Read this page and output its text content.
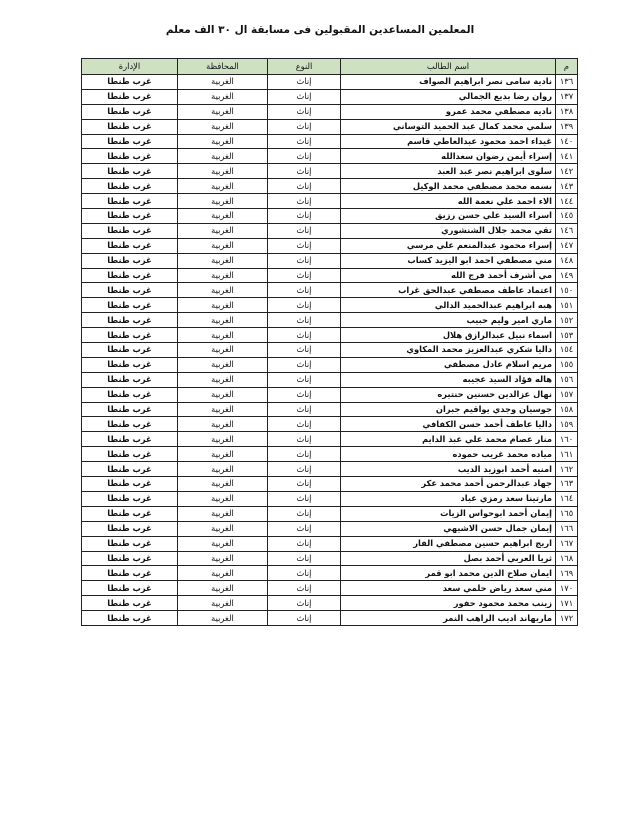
المعلمين المساعدين المقبولين فى مسابقة ال ٣٠ الف معلم
م	اسم الطالب	النوع	المحافظة	الإدارة
١٣٦	نادية سامى نصر ابراهيم الصواف	إناث	الغربية	غرب طنطا
١٣٧	روان رضا بديع الجمالي	إناث	الغربية	غرب طنطا
١٣٨	ناديه مصطفي محمد عمرو	إناث	الغربية	غرب طنطا
١٣٩	سلمي محمد كمال عبد الحميد التوساني	إناث	الغربية	غرب طنطا
١٤٠	غيداء احمد محمود عبدالعاطي قاسم	إناث	الغربية	غرب طنطا
١٤١	إسراء أيمن رضوان سعدالله	إناث	الغربية	غرب طنطا
١٤٢	سلوى ابراهيم نصر عبد العبد	إناث	الغربية	غرب طنطا
١٤٣	بسمه محمد مصطفي محمد الوكيل	إناث	الغربية	غرب طنطا
١٤٤	الاء احمد علي نعمة الله	إناث	الغربية	غرب طنطا
١٤٥	اسراء السيد علي حسن رزيق	إناث	الغربية	غرب طنطا
١٤٦	تقي محمد جلال الشنشوري	إناث	الغربية	غرب طنطا
١٤٧	إسراء محمود عبدالمنعم علي مرسي	إناث	الغربية	غرب طنطا
١٤٨	مني مصطفي احمد ابو اليزيد كساب	إناث	الغربية	غرب طنطا
١٤٩	مي أشرف أحمد فرج الله	إناث	الغربية	غرب طنطا
١٥٠	اعتماد عاطف مصطفي عبدالحق غراب	إناث	الغربية	غرب طنطا
١٥١	هبه ابراهيم عبدالحميد الدالي	إناث	الغربية	غرب طنطا
١٥٢	ماري امير وليم حبيب	إناث	الغربية	غرب طنطا
١٥٣	اسماء نبيل عبدالرازق هلال	إناث	الغربية	غرب طنطا
١٥٤	داليا شكري عبدالعزيز محمد المكاوي	إناث	الغربية	غرب طنطا
١٥٥	مريم اسلام عادل مصطفي	إناث	الغربية	غرب طنطا
١٥٦	هاله فؤاد السيد عجيبه	إناث	الغربية	غرب طنطا
١٥٧	نهال عزالدين حسنين حنتيره	إناث	الغربية	غرب طنطا
١٥٨	جوسيان وجدي يواقيم جبران	إناث	الغربية	غرب طنطا
١٥٩	داليا عاطف أحمد حسن الكفافي	إناث	الغربية	غرب طنطا
١٦٠	منار عصام محمد علي عبد الدايم	إناث	الغربية	غرب طنطا
١٦١	مياده محمد غريب حموده	إناث	الغربية	غرب طنطا
١٦٢	امنيه أحمد ابوزيد الديب	إناث	الغربية	غرب طنطا
١٦٣	جهاد عبدالرحمن أحمد محمد عكر	إناث	الغربية	غرب طنطا
١٦٤	مارتينا سعد رمزي عياد	إناث	الغربية	غرب طنطا
١٦٥	إيمان أحمد ابوحواس الزيات	إناث	الغربية	غرب طنطا
١٦٦	إيمان جمال حسن الاشيهي	إناث	الغربية	غرب طنطا
١٦٧	اريج ابراهيم حسين مصطفي الفار	إناث	الغربية	غرب طنطا
١٦٨	ثريا العربي أحمد بصل	إناث	الغربية	غرب طنطا
١٦٩	ايمان صلاح الدين محمد ابو قمر	إناث	الغربية	غرب طنطا
١٧٠	مني سعد رياض حلمي سعد	إناث	الغربية	غرب طنطا
١٧١	زينب محمد محمود حفور	إناث	الغربية	غرب طنطا
١٧٢	ماريهاند اديب الراهب النمر	إناث	الغربية	غرب طنطا
